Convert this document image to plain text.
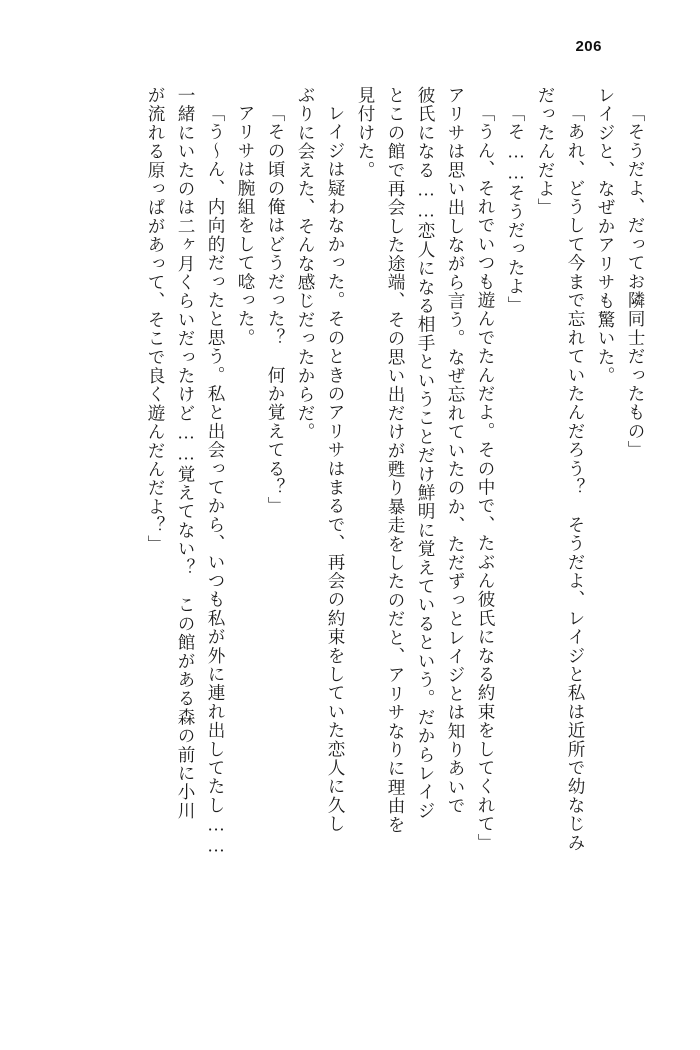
206
「そうだよ、だってお隣同士だったもの」
レイジと、なぜかアリサも驚いた。
「あれ、どうして今まで忘れていたんだろう？　そうだよ、レイジと私は近所で幼なじみ
だったんだよ」
「そ……そうだったよ」
「うん、それでいつも遊んでたんだよ。その中で、たぶん彼氏になる約束をしてくれて」
アリサは思い出しながら言う。なぜ忘れていたのか、ただずっとレイジとは知りあいで
彼氏になる……恋人になる相手ということだけ鮮明に覚えているという。だからレイジ
とこの館で再会した途端、その思い出だけが甦り暴走をしたのだと、アリサなりに理由を
見付けた。
レイジは疑わなかった。そのときのアリサはまるで、再会の約束をしていた恋人に久し
ぶりに会えた、そんな感じだったからだ。
「その頃の俺はどうだった？　何か覚えてる？」
アリサは腕組をして唸った。
「う～ん、内向的だったと思う。私と出会ってから、いつも私が外に連れ出してたし……
一緒にいたのは二ヶ月くらいだったけど……覚えてない？　この館がある森の前に小川
が流れる原っぱがあって、そこで良く遊んだんだよ？」
